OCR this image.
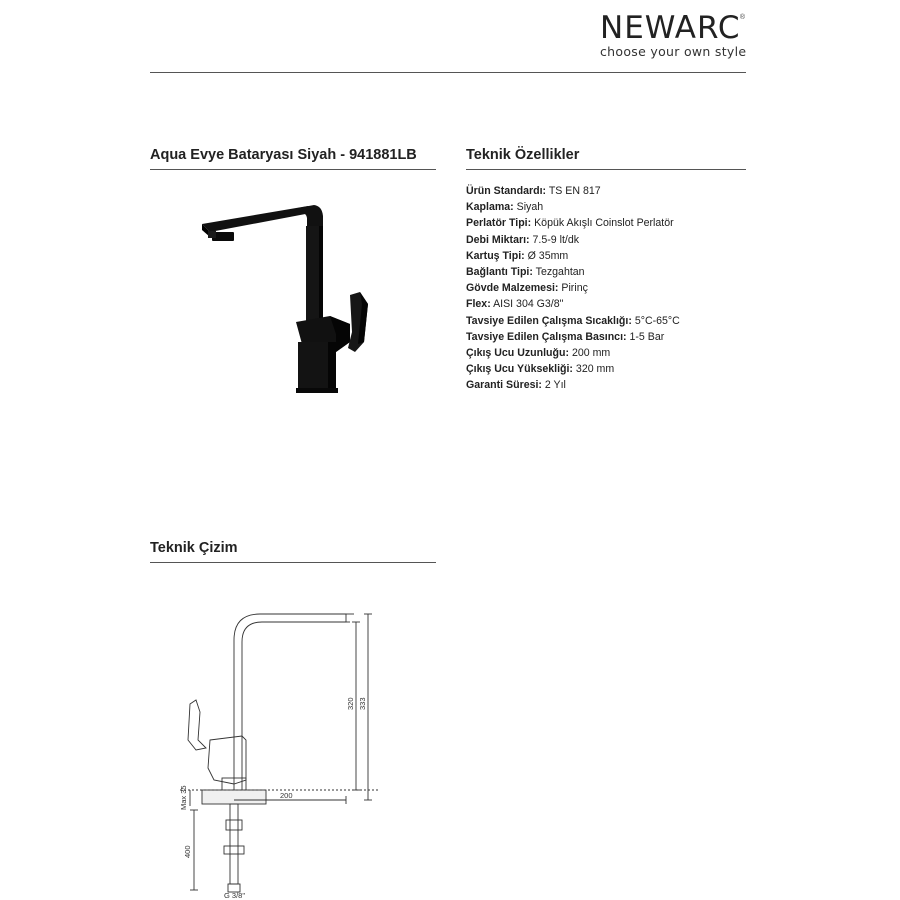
NEWARC ®
choose your own style
Aqua Evye Bataryası Siyah - 941881LB	Teknik Özellikler
Ürün Standardı: TS EN 817
Kaplama: Siyah
Perlatör Tipi: Köpük Akışlı Coinslot Perlatör
Debi Miktarı: 7.5-9 lt/dk
Kartuş Tipi: Ø 35mm
Bağlantı Tipi: Tezgahtan
Gövde Malzemesi: Pirinç
Flex: AISI 304 G3/8"
Tavsiye Edilen Çalışma Sıcaklığı: 5°C-65°C
Tavsiye Edilen Çalışma Basıncı: 1-5 Bar
Çıkış Ucu Uzunluğu: 200 mm
Çıkış Ucu Yüksekliği: 320 mm
Garanti Süresi: 2 Yıl
Teknik Çizim
320 333
200
Max 35
400
G 3/8"
